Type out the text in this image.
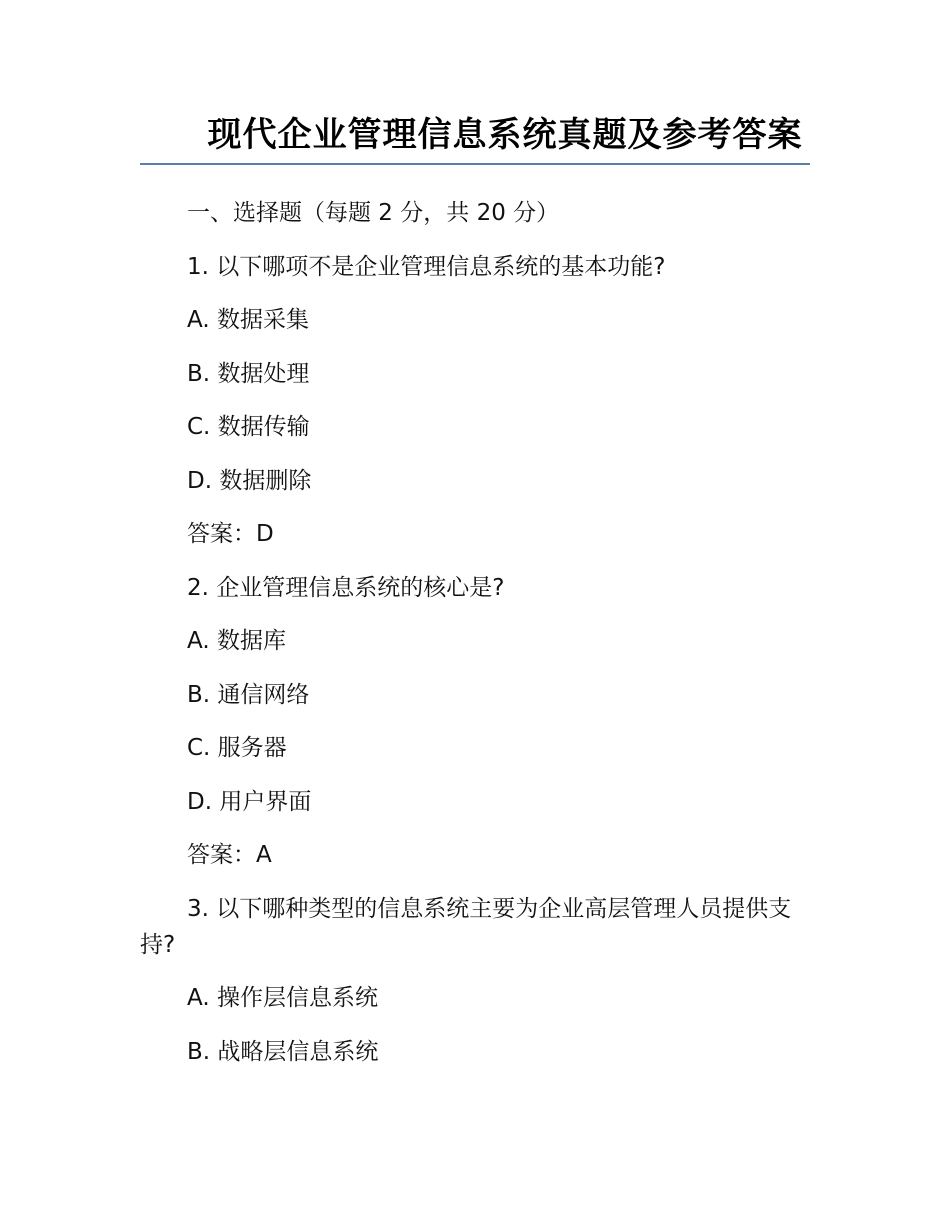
现代企业管理信息系统真题及参考答案
一、选择题（每题 2 分，共 20 分）
1. 以下哪项不是企业管理信息系统的基本功能?
A. 数据采集
B. 数据处理
C. 数据传输
D. 数据删除
答案：D
2. 企业管理信息系统的核心是?
A. 数据库
B. 通信网络
C. 服务器
D. 用户界面
答案：A
3. 以下哪种类型的信息系统主要为企业高层管理人员提供支持?
A. 操作层信息系统
B. 战略层信息系统
